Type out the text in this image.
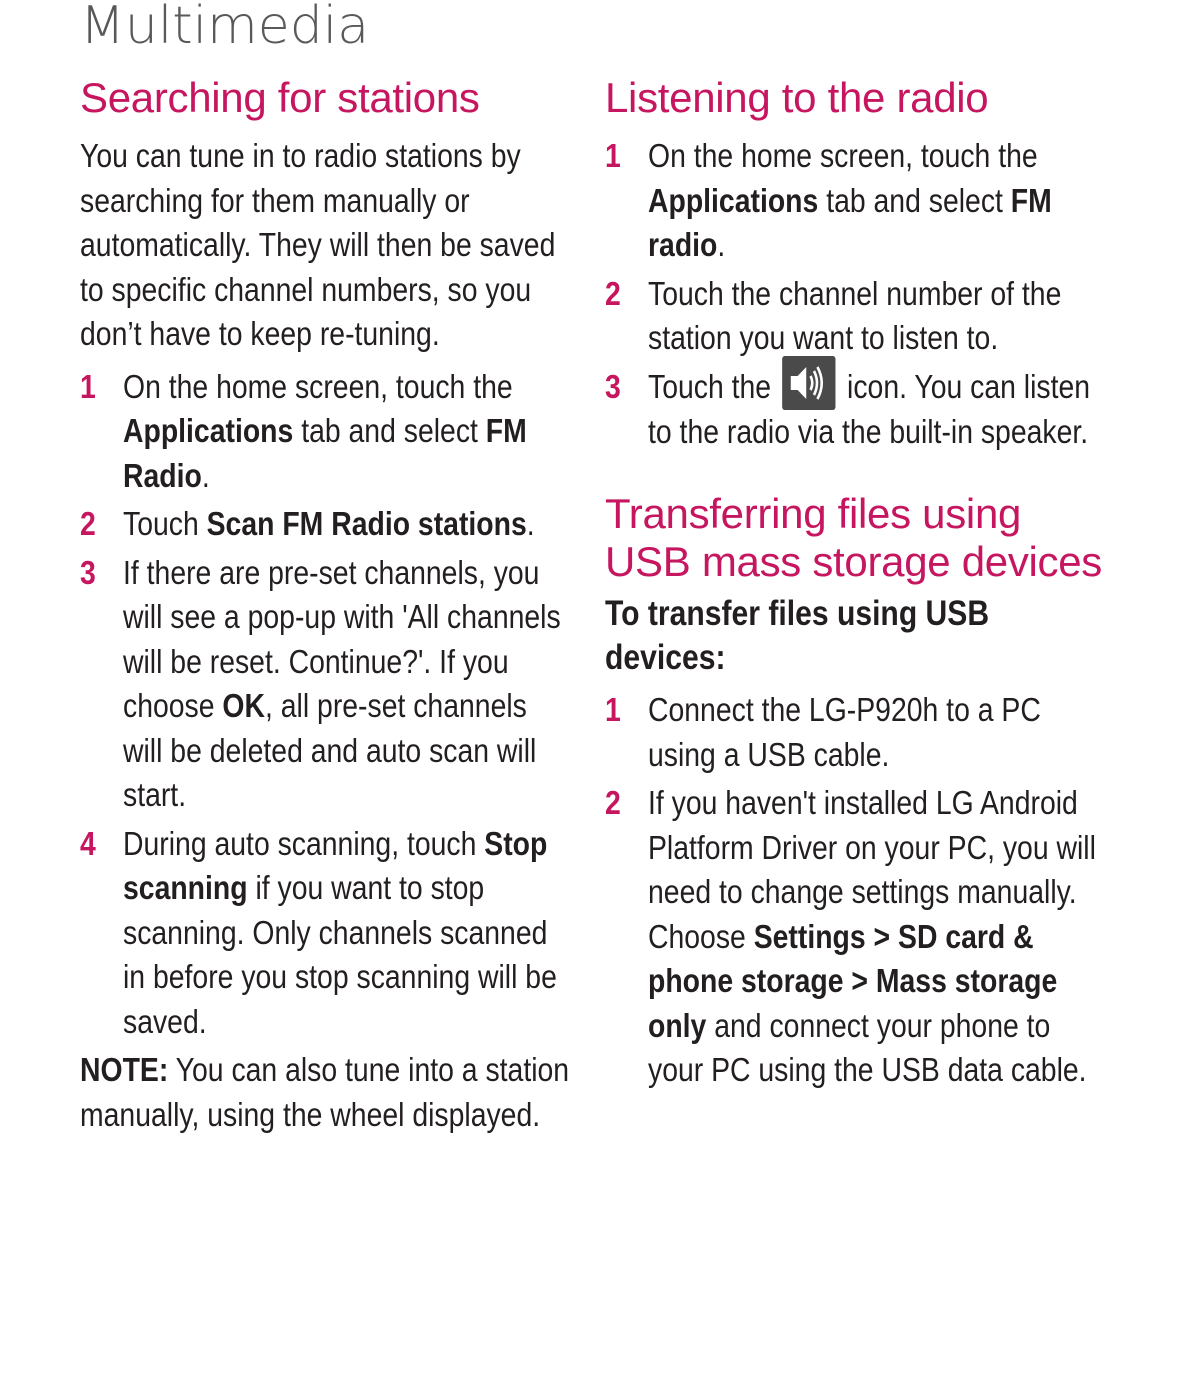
Multimedia
Searching for stations

You can tune in to radio stations by searching for them manually or automatically. They will then be saved to specific channel numbers, so you don’t have to keep re-tuning.

1 On the home screen, touch the Applications tab and select FM Radio.
2 Touch Scan FM Radio stations.
3 If there are pre-set channels, you will see a pop-up with 'All channels will be reset. Continue?'. If you choose OK, all pre-set channels will be deleted and auto scan will start.
4 During auto scanning, touch Stop scanning if you want to stop scanning. Only channels scanned in before you stop scanning will be saved.

NOTE: You can also tune into a station manually, using the wheel displayed.

Listening to the radio
1 On the home screen, touch the Applications tab and select FM radio.
2 Touch the channel number of the station you want to listen to.
3 Touch the
icon. You can listen to the radio via the built-in speaker.
Transferring files using USB mass storage devices

To transfer files using USB devices:

1 Connect the LG-P920h to a PC using a USB cable.
2 If you haven't installed LG Android Platform Driver on your PC, you will need to change settings manually. Choose Settings > SD card & phone storage > Mass storage only and connect your phone to your PC using the USB data cable.
